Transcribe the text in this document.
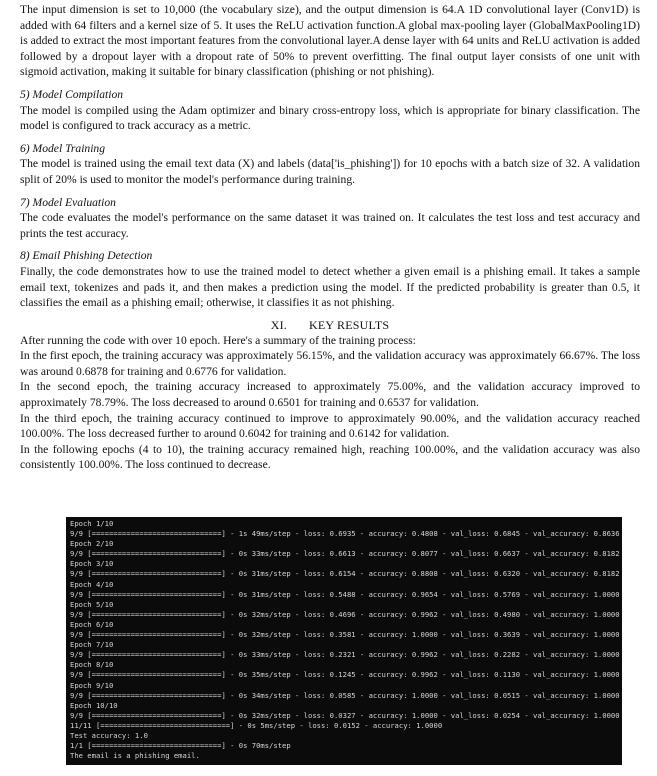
The input dimension is set to 10,000 (the vocabulary size), and the output dimension is 64.A 1D convolutional layer (Conv1D) is added with 64 filters and a kernel size of 5. It uses the ReLU activation function.A global max-pooling layer (GlobalMaxPooling1D) is added to extract the most important features from the convolutional layer.A dense layer with 64 units and ReLU activation is added followed by a dropout layer with a dropout rate of 50% to prevent overfitting. The final output layer consists of one unit with sigmoid activation, making it suitable for binary classification (phishing or not phishing).

5) Model Compilation

The model is compiled using the Adam optimizer and binary cross-entropy loss, which is appropriate for binary classification. The model is configured to track accuracy as a metric.

6) Model Training

The model is trained using the email text data (X) and labels (data['is_phishing']) for 10 epochs with a batch size of 32. A validation split of 20% is used to monitor the model's performance during training.

7) Model Evaluation

The code evaluates the model's performance on the same dataset it was trained on. It calculates the test loss and test accuracy and prints the test accuracy.

8) Email Phishing Detection

Finally, the code demonstrates how to use the trained model to detect whether a given email is a phishing email. It takes a sample email text, tokenizes and pads it, and then makes a prediction using the model. If the predicted probability is greater than 0.5, it classifies the email as a phishing email; otherwise, it classifies it as not phishing.

XI. KEY RESULTS

After running the code with over 10 epoch. Here's a summary of the training process:

In the first epoch, the training accuracy was approximately 56.15%, and the validation accuracy was approximately 66.67%. The loss was around 0.6878 for training and 0.6776 for validation.

In the second epoch, the training accuracy increased to approximately 75.00%, and the validation accuracy improved to approximately 78.79%. The loss decreased to around 0.6501 for training and 0.6537 for validation.

In the third epoch, the training accuracy continued to improve to approximately 90.00%, and the validation accuracy reached 100.00%. The loss decreased further to around 0.6042 for training and 0.6142 for validation.

In the following epochs (4 to 10), the training accuracy remained high, reaching 100.00%, and the validation accuracy was also consistently 100.00%. The loss continued to decrease.

Epoch 1/10
9/9 [==============================] - 1s 49ms/step - loss: 0.6935 - accuracy: 0.4808 - val_loss: 0.6845 - val_accuracy: 0.8636
Epoch 2/10
9/9 [==============================] - 0s 33ms/step - loss: 0.6613 - accuracy: 0.8077 - val_loss: 0.6637 - val_accuracy: 0.8182
Epoch 3/10
9/9 [==============================] - 0s 31ms/step - loss: 0.6154 - accuracy: 0.8808 - val_loss: 0.6320 - val_accuracy: 0.8182
Epoch 4/10
9/9 [==============================] - 0s 31ms/step - loss: 0.5488 - accuracy: 0.9654 - val_loss: 0.5769 - val_accuracy: 1.0000
Epoch 5/10
9/9 [==============================] - 0s 32ms/step - loss: 0.4696 - accuracy: 0.9962 - val_loss: 0.4980 - val_accuracy: 1.0000
Epoch 6/10
9/9 [==============================] - 0s 32ms/step - loss: 0.3581 - accuracy: 1.0000 - val_loss: 0.3639 - val_accuracy: 1.0000
Epoch 7/10
9/9 [==============================] - 0s 33ms/step - loss: 0.2321 - accuracy: 0.9962 - val_loss: 0.2282 - val_accuracy: 1.0000
Epoch 8/10
9/9 [==============================] - 0s 35ms/step - loss: 0.1245 - accuracy: 0.9962 - val_loss: 0.1130 - val_accuracy: 1.0000
Epoch 9/10
9/9 [==============================] - 0s 34ms/step - loss: 0.0585 - accuracy: 1.0000 - val_loss: 0.0515 - val_accuracy: 1.0000
Epoch 10/10
9/9 [==============================] - 0s 32ms/step - loss: 0.0327 - accuracy: 1.0000 - val_loss: 0.0254 - val_accuracy: 1.0000
11/11 [==============================] - 0s 5ms/step - loss: 0.0152 - accuracy: 1.0000
Test accuracy: 1.0
1/1 [==============================] - 0s 70ms/step
The email is a phishing email.
